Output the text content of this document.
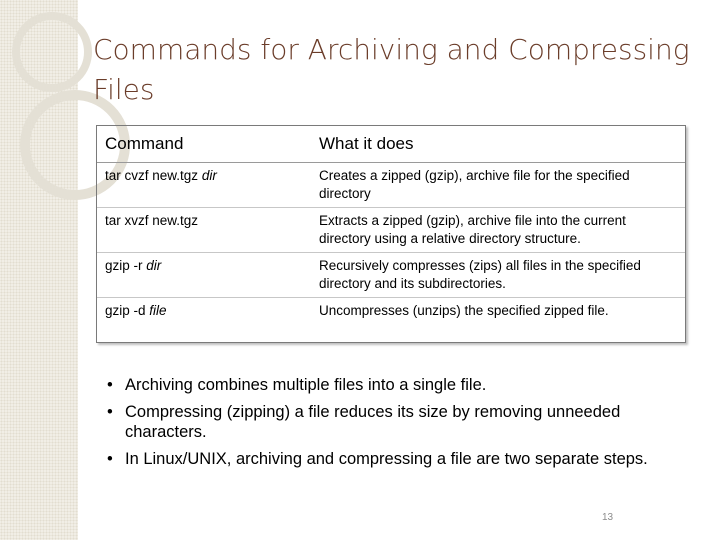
Commands for Archiving and Compressing Files
Command	What it does
tar cvzf new.tgz dir	Creates a zipped (gzip), archive file for the specified directory
tar xvzf new.tgz	Extracts a zipped (gzip), archive file into the current directory using a relative directory structure.
gzip -r dir	Recursively compresses (zips) all files in the specified directory and its subdirectories.
gzip -d file	Uncompresses (unzips) the specified zipped file.
• Archiving combines multiple files into a single file.
• Compressing (zipping) a file reduces its size by removing unneeded characters.
• In Linux/UNIX, archiving and compressing a file are two separate steps.
13
